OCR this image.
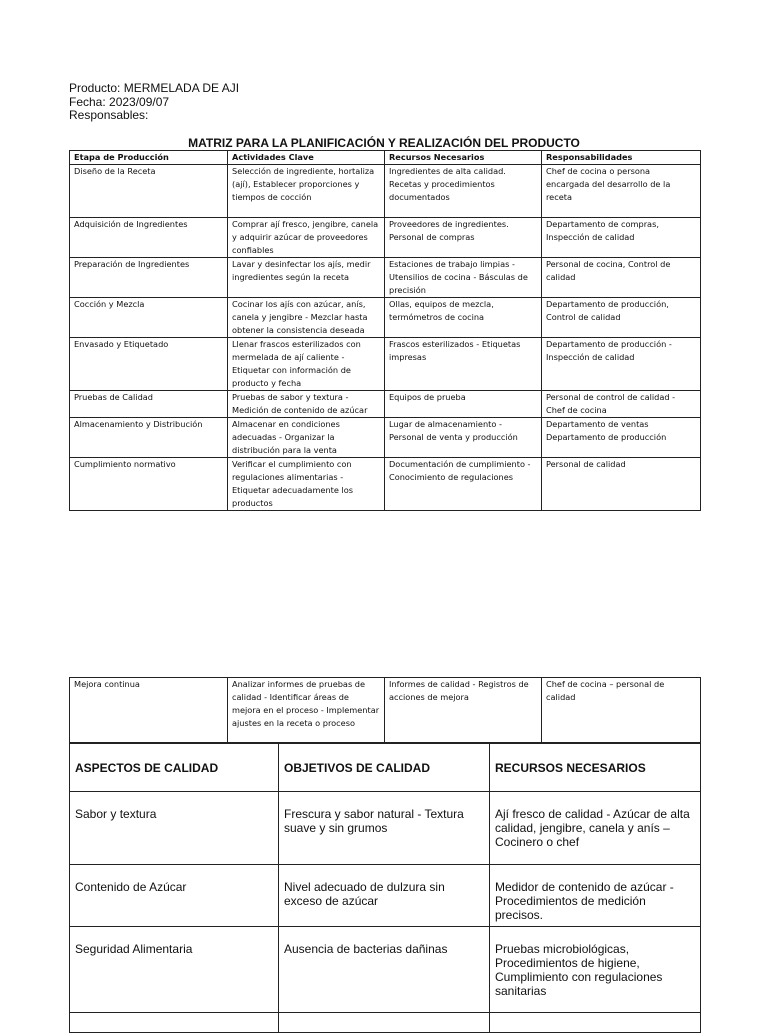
Producto: MERMELADA DE AJI
Fecha: 2023/09/07
Responsables:
MATRIZ PARA LA PLANIFICACIÓN Y REALIZACIÓN DEL PRODUCTO
Etapa de Producción	Actividades Clave	Recursos Necesarios	Responsabilidades
Diseño de la Receta	Selección de ingrediente, hortaliza (ají), Establecer proporciones y tiempos de cocción	Ingredientes de alta calidad. Recetas y procedimientos documentados	Chef de cocina o persona encargada del desarrollo de la receta
Adquisición de Ingredientes	Comprar ají fresco, jengibre, canela y adquirir azúcar de proveedores confiables	Proveedores de ingredientes. Personal de compras	Departamento de compras, Inspección de calidad
Preparación de Ingredientes	Lavar y desinfectar los ajís, medir ingredientes según la receta	Estaciones de trabajo limpias - Utensilios de cocina - Básculas de precisión	Personal de cocina, Control de calidad
Cocción y Mezcla	Cocinar los ajís con azúcar, anís, canela y jengibre - Mezclar hasta obtener la consistencia deseada	Ollas, equipos de mezcla, termómetros de cocina	Departamento de producción, Control de calidad
Envasado y Etiquetado	Llenar frascos esterilizados con mermelada de ají caliente - Etiquetar con información de producto y fecha	Frascos esterilizados - Etiquetas impresas	Departamento de producción - Inspección de calidad
Pruebas de Calidad	Pruebas de sabor y textura - Medición de contenido de azúcar	Equipos de prueba	Personal de control de calidad - Chef de cocina
Almacenamiento y Distribución	Almacenar en condiciones adecuadas - Organizar la distribución para la venta	Lugar de almacenamiento - Personal de venta y producción	Departamento de ventas Departamento de producción
Cumplimiento normativo	Verificar el cumplimiento con regulaciones alimentarias - Etiquetar adecuadamente los productos	Documentación de cumplimiento - Conocimiento de regulaciones	Personal de calidad
Mejora continua	Analizar informes de pruebas de calidad - Identificar áreas de mejora en el proceso - Implementar ajustes en la receta o proceso	Informes de calidad - Registros de acciones de mejora	Chef de cocina – personal de calidad
ASPECTOS DE CALIDAD	OBJETIVOS DE CALIDAD	RECURSOS NECESARIOS
Sabor y textura	Frescura y sabor natural - Textura suave y sin grumos	Ají fresco de calidad - Azúcar de alta calidad, jengibre, canela y anís – Cocinero o chef
Contenido de Azúcar	Nivel adecuado de dulzura sin exceso de azúcar	Medidor de contenido de azúcar - Procedimientos de medición precisos.
Seguridad Alimentaria	Ausencia de bacterias dañinas	Pruebas microbiológicas, Procedimientos de higiene, Cumplimiento con regulaciones sanitarias
